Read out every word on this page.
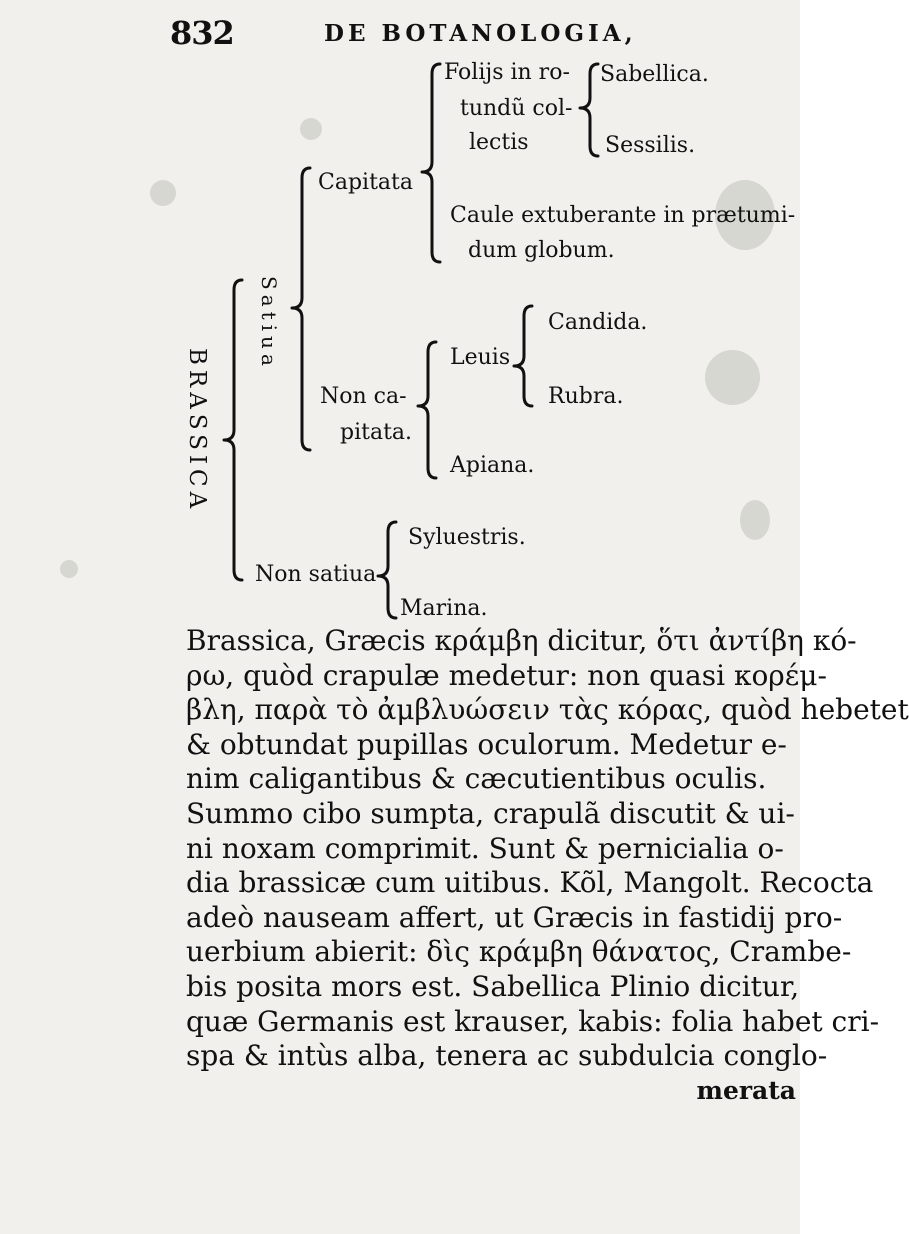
832	DE BOTANOLOGIA,
BRASSICA
Satiua
Capitata
Folijs in ro-
tundũ col-
lectis
Sabellica.
Sessilis.
Caule extuberante in prætumi-
dum globum.
Non ca-
pitata.
Leuis
Candida.
Rubra.
Apiana.
Non satiua
Syluestris.
Marina.
Brassica, Græcis κράμβη dicitur, ὅτι ἀντίβη κό-
ρω, quòd crapulæ medetur: non quasi κορέμ-
βλη, παρὰ τὸ ἀμβλυώσειν τὰς κόρας, quòd hebetet
& obtundat pupillas oculorum. Medetur e-
nim caligantibus & cæcutientibus oculis.
Summo cibo sumpta, crapulã discutit & ui-
ni noxam comprimit. Sunt & pernicialia o-
dia brassicæ cum uitibus. Kõl, Mangolt. Recocta
adeò nauseam affert, ut Græcis in fastidij pro-
uerbium abierit: δὶς κράμβη θάνατος, Crambe-
bis posita mors est. Sabellica Plinio dicitur,
quæ Germanis est krauser, kabis: folia habet cri-
spa & intùs alba, tenera ac subdulcia conglo-
merata
